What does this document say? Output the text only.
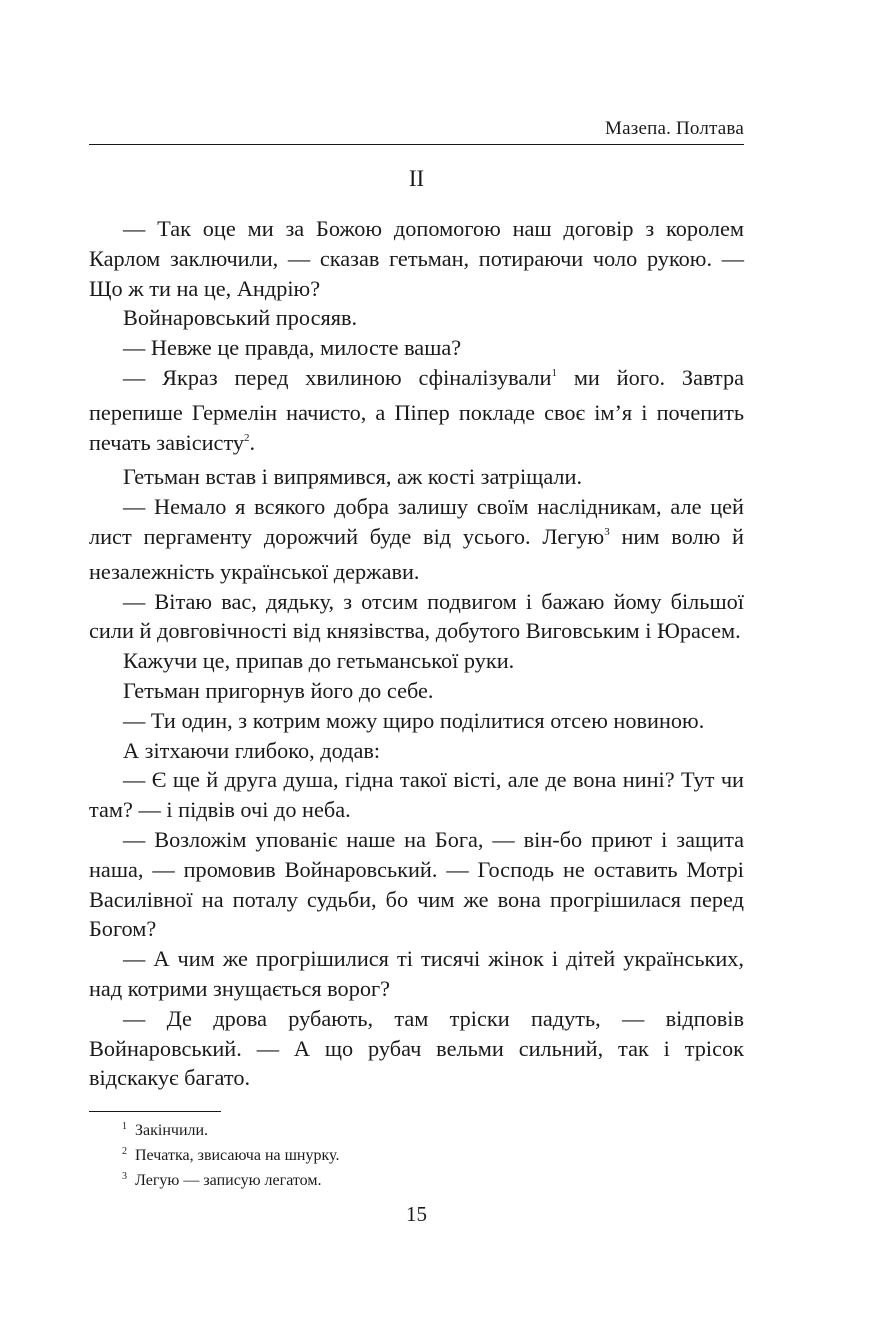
Мазепа. Полтава
II

— Так оце ми за Божою допомогою наш договір з королем Карлом заключили, — сказав гетьман, потираючи чоло рукою. — Що ж ти на це, Андрію?

Войнаровський просяяв.

— Невже це правда, милосте ваша?

— Якраз перед хвилиною сфіналізували$^1$ ми його. Завтра перепише Гермелін начисто, а Піпер покладе своє ім’я і почепить печать завісисту$^2$.

Гетьман встав і випрямився, аж кості затріщали.

— Немало я всякого добра залишу своїм наслідникам, але цей лист пергаменту дорожчий буде від усього. Легую$^3$ ним волю й незалежність української держави.

— Вітаю вас, дядьку, з отсим подвигом і бажаю йому більшої сили й довговічності від князівства, добутого Виговським і Юрасем.

Кажучи це, припав до гетьманської руки.

Гетьман пригорнув його до себе.

— Ти один, з котрим можу щиро поділитися отсею новиною.

А зітхаючи глибоко, додав:

— Є ще й друга душа, гідна такої вісті, але де вона нині? Тут чи там? — і підвів очі до неба.

— Возложім упованіє наше на Бога, — він-бо приют і защита наша, — промовив Войнаровський. — Господь не оставить Мотрі Василівної на поталу судьби, бо чим же вона прогрішилася перед Богом?

— А чим же прогрішилися ті тисячі жінок і дітей українських, над котрими знущається ворог?

— Де дрова рубають, там тріски падуть, — відповів Войнаровський. — А що рубач вельми сильний, так і трісок відскакує багато.

$^1$ Закінчили.
$^2$ Печатка, звисаюча на шнурку.
$^3$ Легую — записую легатом.
15
